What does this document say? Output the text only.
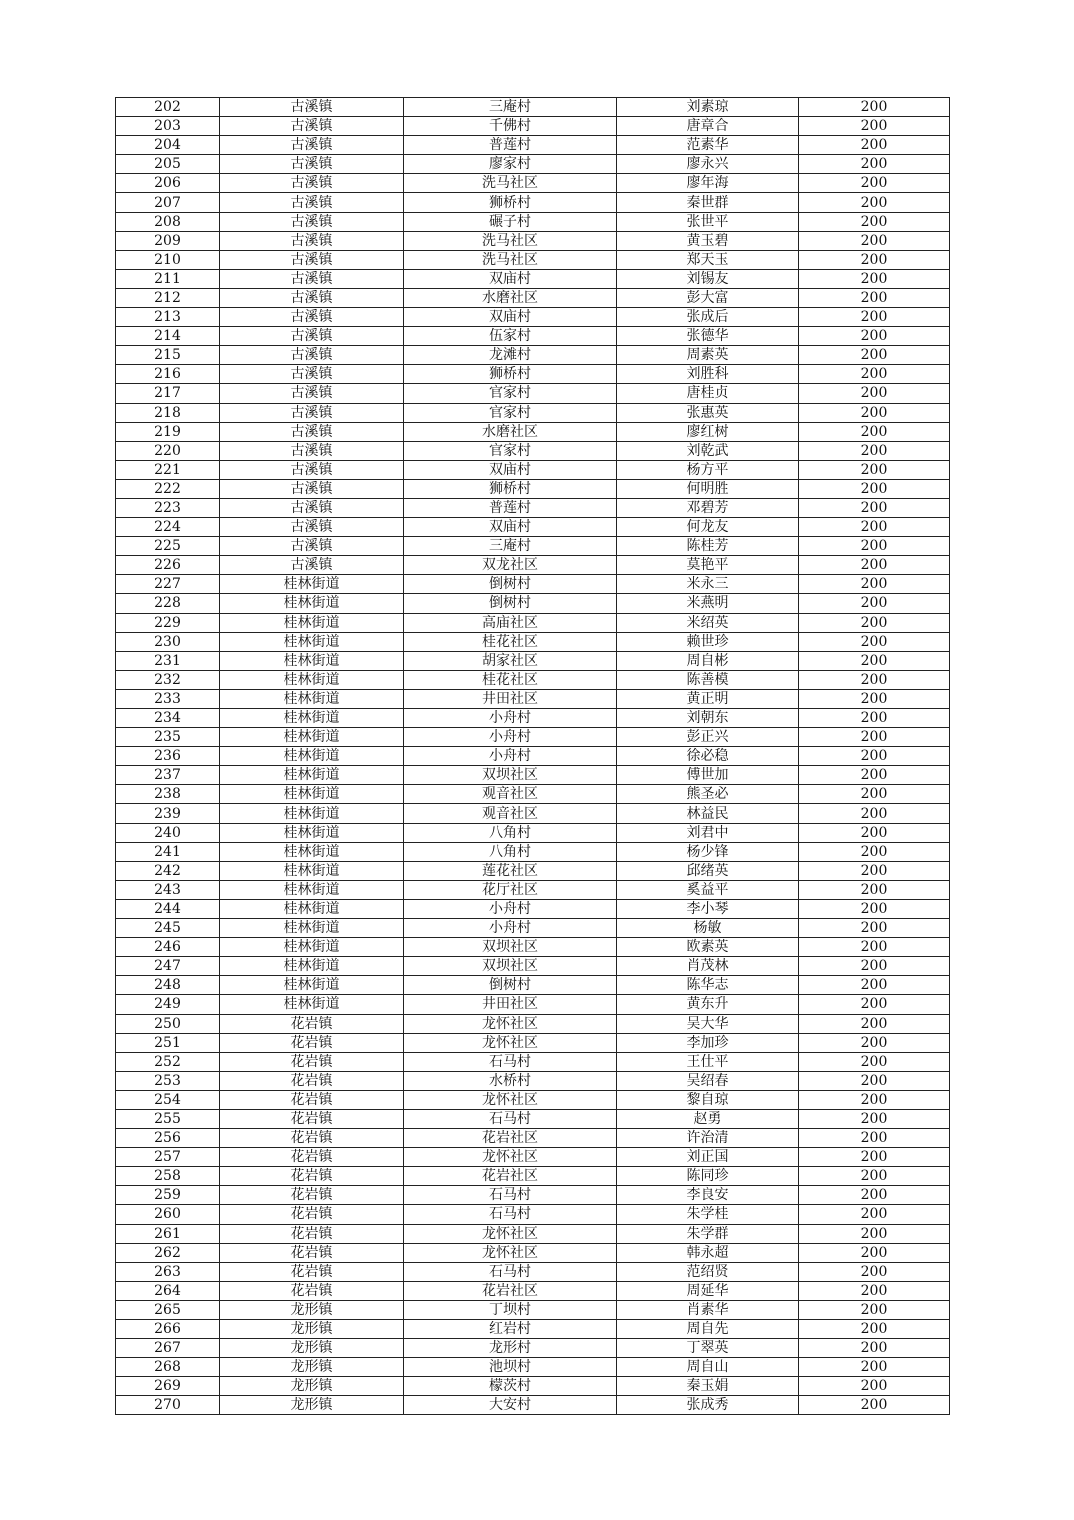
202	古溪镇	三庵村	刘素琼	200
203	古溪镇	千佛村	唐章合	200
204	古溪镇	普莲村	范素华	200
205	古溪镇	廖家村	廖永兴	200
206	古溪镇	洗马社区	廖年海	200
207	古溪镇	狮桥村	秦世群	200
208	古溪镇	碾子村	张世平	200
209	古溪镇	洗马社区	黄玉碧	200
210	古溪镇	洗马社区	郑天玉	200
211	古溪镇	双庙村	刘锡友	200
212	古溪镇	水磨社区	彭大富	200
213	古溪镇	双庙村	张成后	200
214	古溪镇	伍家村	张德华	200
215	古溪镇	龙滩村	周素英	200
216	古溪镇	狮桥村	刘胜科	200
217	古溪镇	官家村	唐桂贞	200
218	古溪镇	官家村	张惠英	200
219	古溪镇	水磨社区	廖红树	200
220	古溪镇	官家村	刘乾武	200
221	古溪镇	双庙村	杨方平	200
222	古溪镇	狮桥村	何明胜	200
223	古溪镇	普莲村	邓碧芳	200
224	古溪镇	双庙村	何龙友	200
225	古溪镇	三庵村	陈桂芳	200
226	古溪镇	双龙社区	莫艳平	200
227	桂林街道	倒树村	米永三	200
228	桂林街道	倒树村	米燕明	200
229	桂林街道	高庙社区	米绍英	200
230	桂林街道	桂花社区	赖世珍	200
231	桂林街道	胡家社区	周自彬	200
232	桂林街道	桂花社区	陈善模	200
233	桂林街道	井田社区	黄正明	200
234	桂林街道	小舟村	刘朝东	200
235	桂林街道	小舟村	彭正兴	200
236	桂林街道	小舟村	徐必稳	200
237	桂林街道	双坝社区	傅世加	200
238	桂林街道	观音社区	熊圣必	200
239	桂林街道	观音社区	林益民	200
240	桂林街道	八角村	刘君中	200
241	桂林街道	八角村	杨少锋	200
242	桂林街道	莲花社区	邱绪英	200
243	桂林街道	花厅社区	奚益平	200
244	桂林街道	小舟村	李小琴	200
245	桂林街道	小舟村	杨敏	200
246	桂林街道	双坝社区	欧素英	200
247	桂林街道	双坝社区	肖茂林	200
248	桂林街道	倒树村	陈华志	200
249	桂林街道	井田社区	黄东升	200
250	花岩镇	龙怀社区	吴大华	200
251	花岩镇	龙怀社区	李加珍	200
252	花岩镇	石马村	王仕平	200
253	花岩镇	水桥村	吴绍春	200
254	花岩镇	龙怀社区	黎自琼	200
255	花岩镇	石马村	赵勇	200
256	花岩镇	花岩社区	许治清	200
257	花岩镇	龙怀社区	刘正国	200
258	花岩镇	花岩社区	陈同珍	200
259	花岩镇	石马村	李良安	200
260	花岩镇	石马村	朱学桂	200
261	花岩镇	龙怀社区	朱学群	200
262	花岩镇	龙怀社区	韩永超	200
263	花岩镇	石马村	范绍贤	200
264	花岩镇	花岩社区	周延华	200
265	龙形镇	丁坝村	肖素华	200
266	龙形镇	红岩村	周自先	200
267	龙形镇	龙形村	丁翠英	200
268	龙形镇	池坝村	周自山	200
269	龙形镇	檬茨村	秦玉娟	200
270	龙形镇	大安村	张成秀	200
